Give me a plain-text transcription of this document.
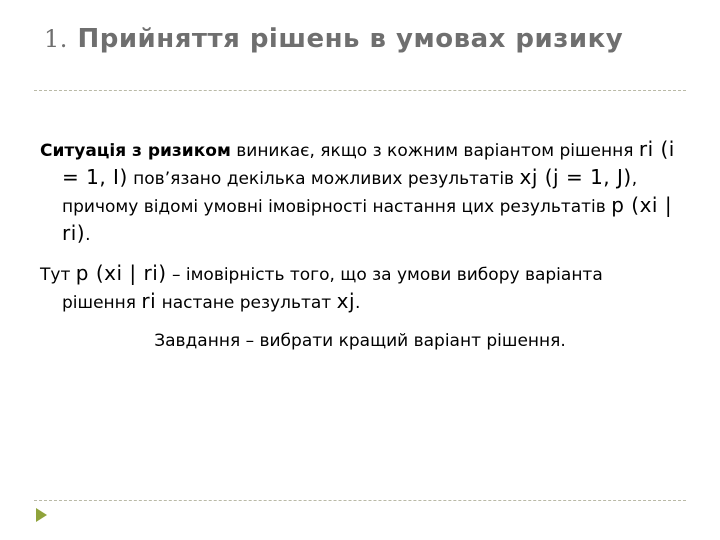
1. Прийняття рішень в умовах ризику

Ситуація з ризиком виникає, якщо з кожним варіантом рішення ri (i = 1, I) пов’язано декілька можливих результатів xj (j = 1, J), причому відомі умовні імовірності настання цих результатів p (xi | ri).

Тут p (xi | ri) – імовірність того, що за умови вибору варіанта рішення ri настане результат xj.

Завдання – вибрати кращий варіант рішення.
